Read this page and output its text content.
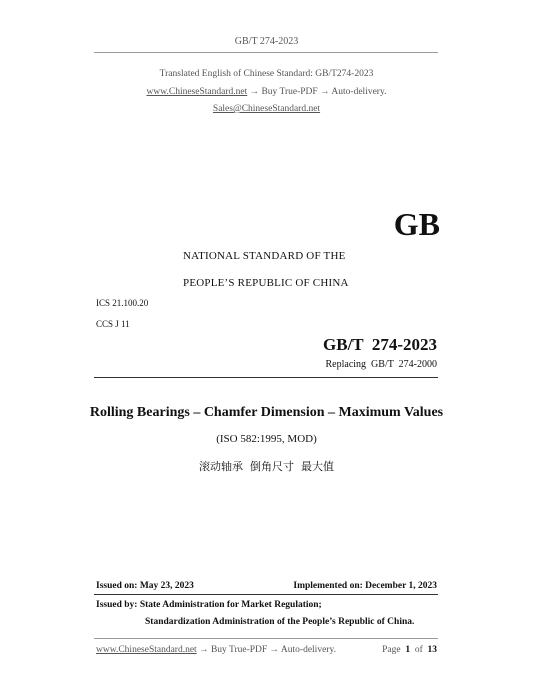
GB/T 274-2023
Translated English of Chinese Standard: GB/T274-2023
www.ChineseStandard.net → Buy True-PDF → Auto-delivery.
Sales@ChineseStandard.net
GB
NATIONAL STANDARD OF THE
PEOPLE’S REPUBLIC OF CHINA
ICS 21.100.20
CCS J 11
GB/T  274-2023
Replacing  GB/T  274-2000
Rolling Bearings – Chamfer Dimension – Maximum Values
(ISO 582:1995, MOD)
滚动轴承  倒角尺寸  最大值
Issued on: May 23, 2023	Implemented on: December 1, 2023
Issued by: State Administration for Market Regulation;
Standardization Administration of the People’s Republic of China.
www.ChineseStandard.net → Buy True-PDF → Auto-delivery.	Page 1 of 13
